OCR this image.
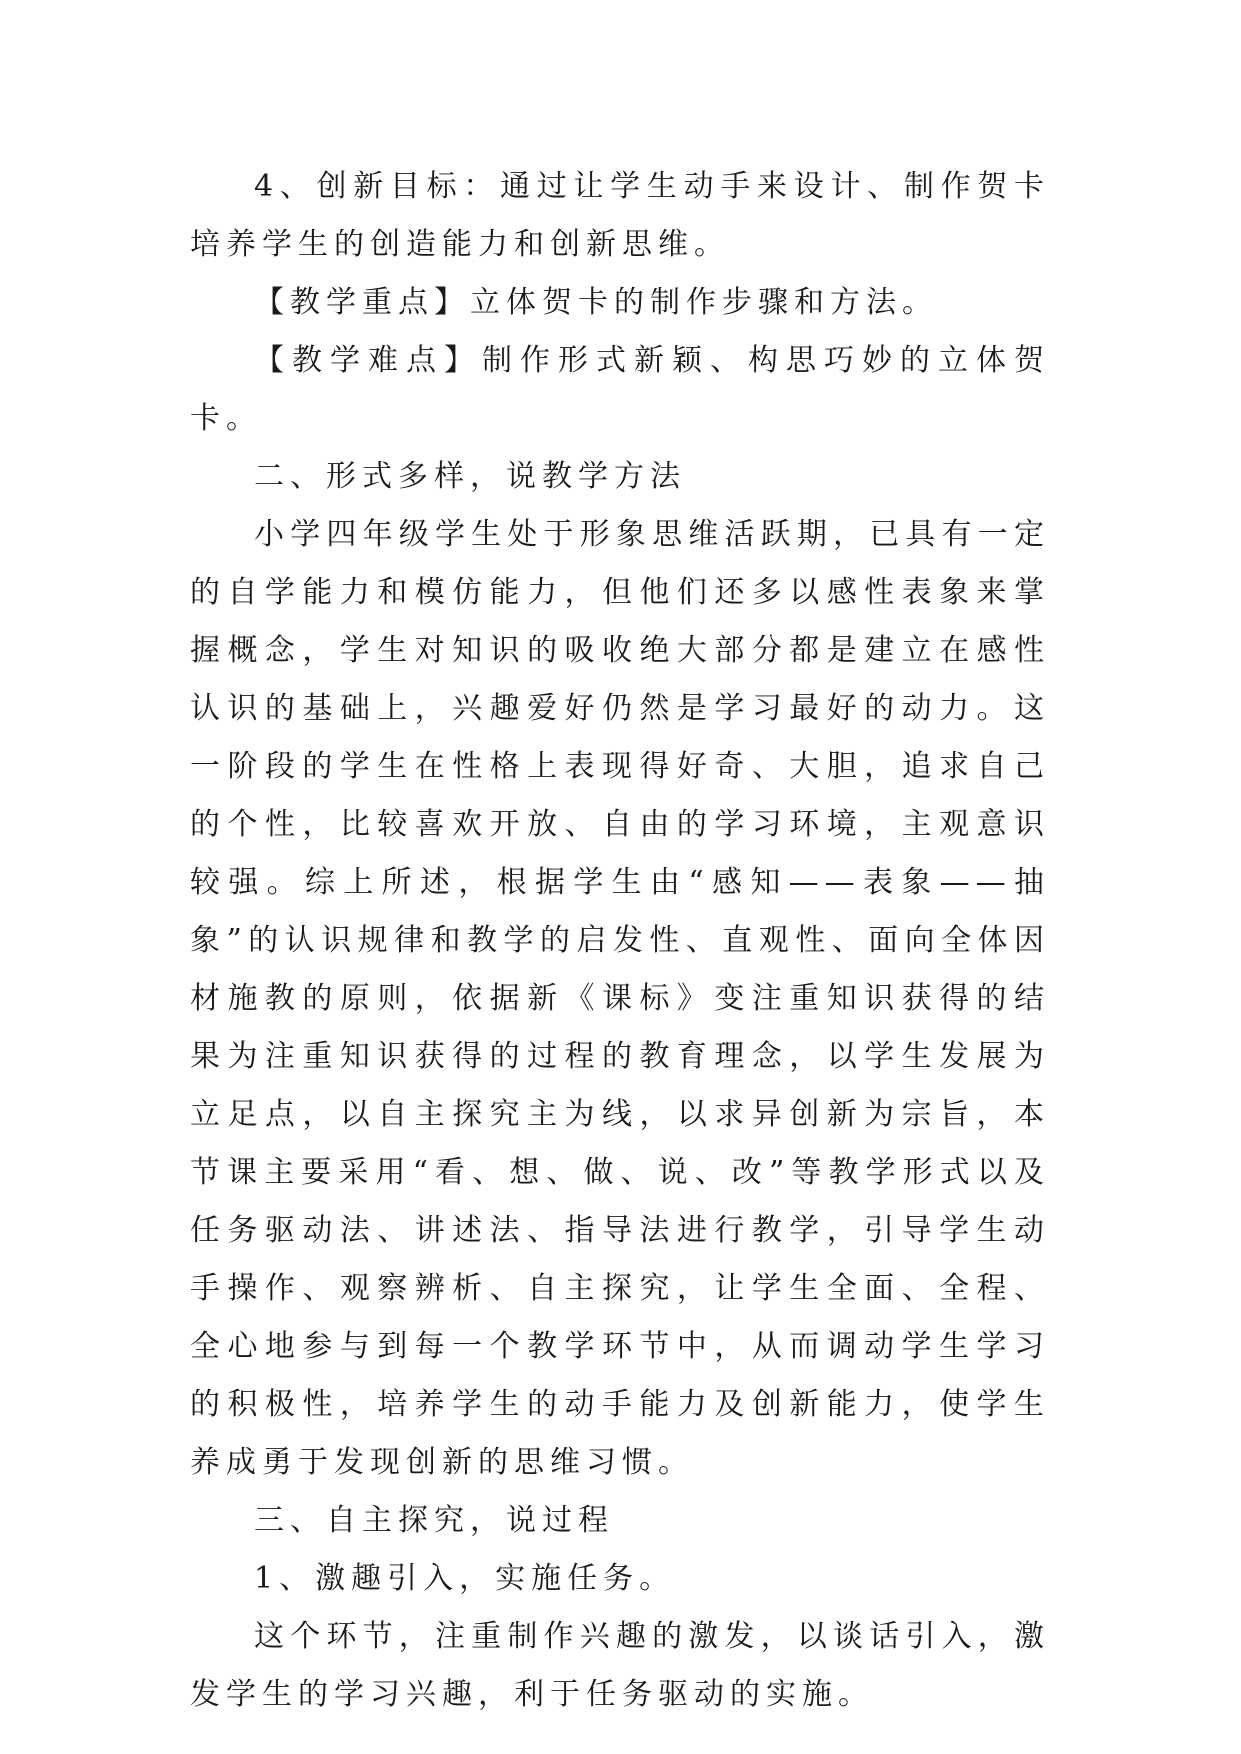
4、创新目标：通过让学生动手来设计、制作贺卡培养学生的创造能力和创新思维。

【教学重点】立体贺卡的制作步骤和方法。

【教学难点】制作形式新颖、构思巧妙的立体贺卡。

二、形式多样，说教学方法

小学四年级学生处于形象思维活跃期，已具有一定的自学能力和模仿能力，但他们还多以感性表象来掌握概念，学生对知识的吸收绝大部分都是建立在感性认识的基础上，兴趣爱好仍然是学习最好的动力。这一阶段的学生在性格上表现得好奇、大胆，追求自己的个性，比较喜欢开放、自由的学习环境，主观意识较强。综上所述，根据学生由“感知——表象——抽象”的认识规律和教学的启发性、直观性、面向全体因材施教的原则，依据新《课标》变注重知识获得的结果为注重知识获得的过程的教育理念，以学生发展为立足点，以自主探究主为线，以求异创新为宗旨，本节课主要采用“看、想、做、说、改”等教学形式以及任务驱动法、讲述法、指导法进行教学，引导学生动手操作、观察辨析、自主探究，让学生全面、全程、全心地参与到每一个教学环节中，从而调动学生学习的积极性，培养学生的动手能力及创新能力，使学生养成勇于发现创新的思维习惯。

三、自主探究，说过程

1、激趣引入，实施任务。

这个环节，注重制作兴趣的激发，以谈话引入，激发学生的学习兴趣，利于任务驱动的实施。
